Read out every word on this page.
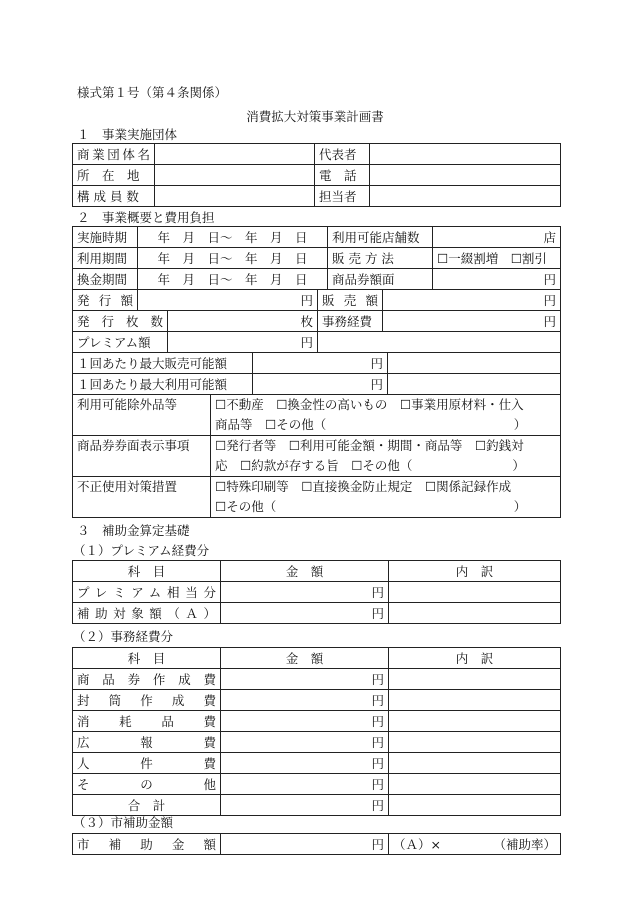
様式第１号（第４条関係）
消費拡大対策事業計画書
１　事業実施団体
商業団体名		代表者	
所　在　地		電　話	
構 成 員 数		担当者	
２　事業概要と費用負担
実施時期	年　月　日～　年　月　日	利用可能店舗数	店
利用期間	年　月　日～　年　月　日	販 売 方 法	☐一綴割増　☐割引
換金期間	年　月　日～　年　月　日	商品券額面	円
発 行 額	円	販 売 額	円
発 行 枚 数	枚	事務経費	円
プレミアム額	円	
１回あたり最大販売可能額	円	
１回あたり最大利用可能額	円	
利用可能除外品等	☐不動産　☐換金性の高いもの　☐事業用原材料・仕入
商品等　☐その他（　　　　　　　　　　　　　　　）

商品券券面表示事項	☐発行者等　☐利用可能金額・期間・商品等　☐釣銭対
応　☐約款が存する旨　☐その他（　　　　　　　　）

不正使用対策措置	☐特殊印刷等　☐直接換金防止規定　☐関係記録作成
☐その他（　　　　　　　　　　　　　　　　　　　）
３　補助金算定基礎
（１）プレミアム経費分
科　目	金　額	内　訳
プレミアム相当分	円	
補助対象額（Ａ）	円	
（２）事務経費分
科　目	金　額	内　訳
商品券作成費	円	
封筒作成費	円	
消耗品費	円	
広報費	円	
人件費	円	
その他	円	
合　計	円	
（３）市補助金額
市補助金額	円	（Ａ）×	（補助率）
